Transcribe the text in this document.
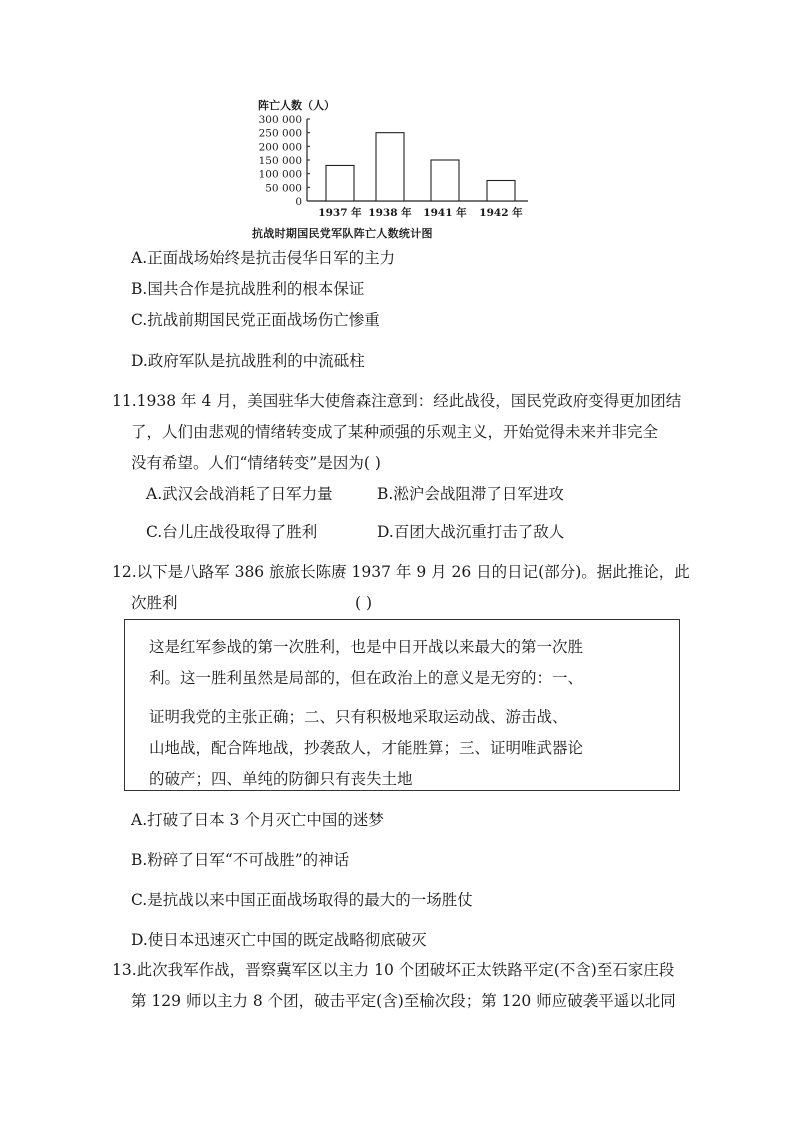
阵亡人数（人）
300 000
250 000
200 000
150 000
100 000
50 000
0
1937 年 1938 年 1941 年 1942 年
抗战时期国民党军队阵亡人数统计图
A.正面战场始终是抗击侵华日军的主力
B.国共合作是抗战胜利的根本保证
C.抗战前期国民党正面战场伤亡惨重
D.政府军队是抗战胜利的中流砥柱
11.1938 年 4 月，美国驻华大使詹森注意到：经此战役，国民党政府变得更加团结
了，人们由悲观的情绪转变成了某种顽强的乐观主义，开始觉得未来并非完全
没有希望。人们“情绪转变”是因为( )
A.武汉会战消耗了日军力量	B.淞沪会战阻滞了日军进攻
C.台儿庄战役取得了胜利	D.百团大战沉重打击了敌人
12.以下是八路军 386 旅旅长陈赓 1937 年 9 月 26 日的日记(部分)。据此推论，此
次胜利	( )
这是红军参战的第一次胜利，也是中日开战以来最大的第一次胜
利。这一胜利虽然是局部的，但在政治上的意义是无穷的：一、
证明我党的主张正确；二、只有积极地采取运动战、游击战、
山地战，配合阵地战，抄袭敌人，才能胜算；三、证明唯武器论
的破产；四、单纯的防御只有丧失土地
A.打破了日本 3 个月灭亡中国的迷梦
B.粉碎了日军“不可战胜”的神话
C.是抗战以来中国正面战场取得的最大的一场胜仗
D.使日本迅速灭亡中国的既定战略彻底破灭
13.此次我军作战，晋察冀军区以主力 10 个团破坏正太铁路平定(不含)至石家庄段
第 129 师以主力 8 个团，破击平定(含)至榆次段；第 120 师应破袭平遥以北同
